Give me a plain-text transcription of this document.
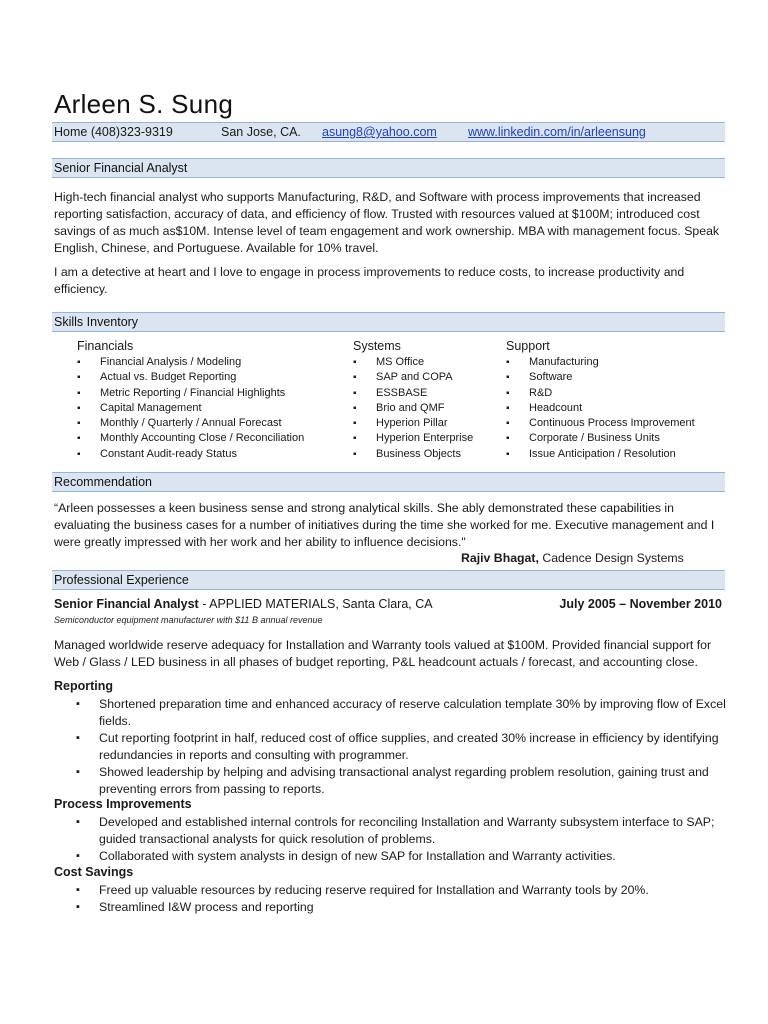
Arleen S. Sung
Home (408)323-9319	San Jose, CA. asung8@yahoo.com www.linkedin.com/in/arleensung
Senior Financial Analyst
High-tech financial analyst who supports Manufacturing, R&D, and Software with process improvements that increased reporting satisfaction, accuracy of data, and efficiency of flow. Trusted with resources valued at $100M; introduced cost savings of as much as$10M. Intense level of team engagement and work ownership. MBA with management focus. Speak English, Chinese, and Portuguese. Available for 10% travel.
I am a detective at heart and I love to engage in process improvements to reduce costs, to increase productivity and efficiency.
Skills Inventory
Financials
▪ Financial Analysis / Modeling
▪ Actual vs. Budget Reporting
▪ Metric Reporting / Financial Highlights
▪ Capital Management
▪ Monthly / Quarterly / Annual Forecast
▪ Monthly Accounting Close / Reconciliation
▪ Constant Audit-ready Status
Systems
▪ MS Office
▪ SAP and COPA
▪ ESSBASE
▪ Brio and QMF
▪ Hyperion Pillar
▪ Hyperion Enterprise
▪ Business Objects
Support
▪ Manufacturing
▪ Software
▪ R&D
▪ Headcount
▪ Continuous Process Improvement
▪ Corporate / Business Units
▪ Issue Anticipation / Resolution
Recommendation
“Arleen possesses a keen business sense and strong analytical skills. She ably demonstrated these capabilities in evaluating the business cases for a number of initiatives during the time she worked for me. Executive management and I were greatly impressed with her work and her ability to influence decisions."
Rajiv Bhagat, Cadence Design Systems
Professional Experience
Senior Financial Analyst - APPLIED MATERIALS, Santa Clara, CA	July 2005 – November 2010
Semiconductor equipment manufacturer with $11 B annual revenue
Managed worldwide reserve adequacy for Installation and Warranty tools valued at $100M. Provided financial support for Web / Glass / LED business in all phases of budget reporting, P&L headcount actuals / forecast, and accounting close.
Reporting
▪ Shortened preparation time and enhanced accuracy of reserve calculation template 30% by improving flow of Excel fields.
▪ Cut reporting footprint in half, reduced cost of office supplies, and created 30% increase in efficiency by identifying redundancies in reports and consulting with programmer.
▪ Showed leadership by helping and advising transactional analyst regarding problem resolution, gaining trust and preventing errors from passing to reports.
Process Improvements
▪ Developed and established internal controls for reconciling Installation and Warranty subsystem interface to SAP; guided transactional analysts for quick resolution of problems.
▪ Collaborated with system analysts in design of new SAP for Installation and Warranty activities.
Cost Savings
▪ Freed up valuable resources by reducing reserve required for Installation and Warranty tools by 20%.
▪ Streamlined I&W process and reporting
